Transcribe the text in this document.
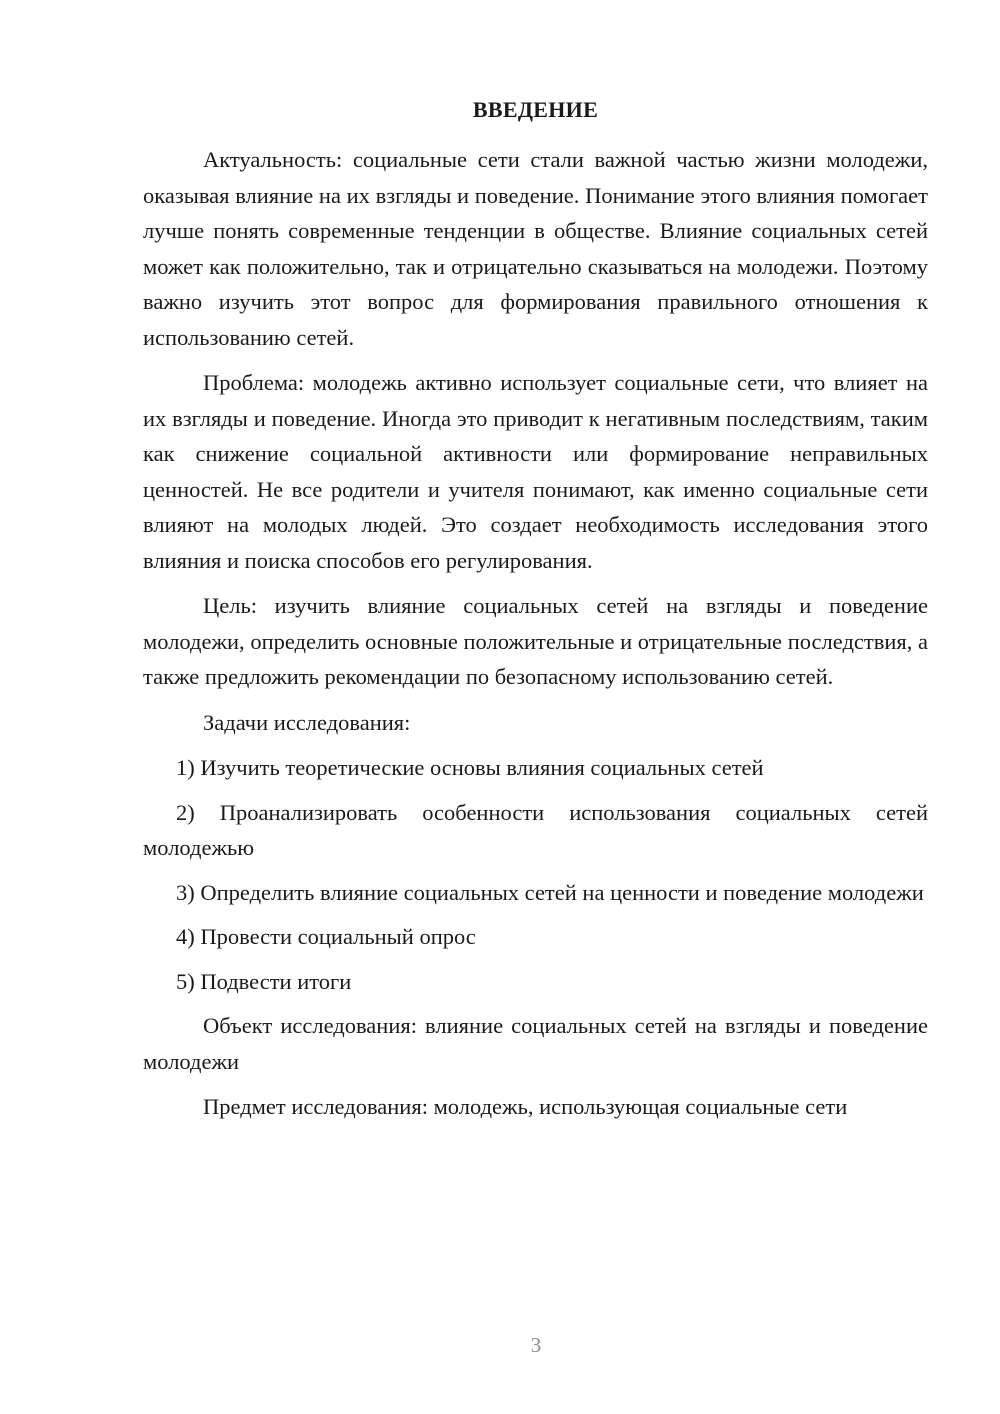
ВВЕДЕНИЕ

Актуальность: социальные сети стали важной частью жизни молодежи, оказывая влияние на их взгляды и поведение. Понимание этого влияния помогает лучше понять современные тенденции в обществе. Влияние социальных сетей может как положительно, так и отрицательно сказываться на молодежи. Поэтому важно изучить этот вопрос для формирования правильного отношения к использованию сетей.

Проблема: молодежь активно использует социальные сети, что влияет на их взгляды и поведение. Иногда это приводит к негативным последствиям, таким как снижение социальной активности или формирование неправильных ценностей. Не все родители и учителя понимают, как именно социальные сети влияют на молодых людей. Это создает необходимость исследования этого влияния и поиска способов его регулирования.

Цель: изучить влияние социальных сетей на взгляды и поведение молодежи, определить основные положительные и отрицательные последствия, а также предложить рекомендации по безопасному использованию сетей.

Задачи исследования:

1) Изучить теоретические основы влияния социальных сетей

2) Проанализировать особенности использования социальных сетей молодежью

3) Определить влияние социальных сетей на ценности и поведение молодежи

4) Провести социальный опрос

5) Подвести итоги

Объект исследования: влияние социальных сетей на взгляды и поведение молодежи

Предмет исследования: молодежь, использующая социальные сети

3
